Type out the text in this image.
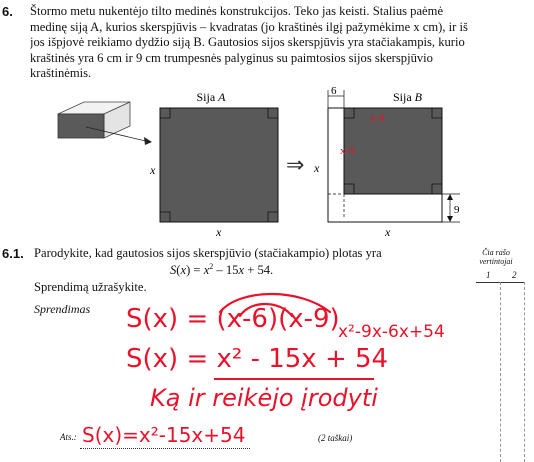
6. Štormo metu nukentėjo tilto medinės konstrukcijos. Teko jas keisti. Stalius paėmė
medinę siją A, kurios skerspjūvis – kvadratas (jo kraštinės ilgį pažymėkime x cm), ir iš
jos išpjovė reikiamo dydžio siją B. Gautosios sijos skerspjūvis yra stačiakampis, kurio
kraštinės yra 6 cm ir 9 cm trumpesnės palyginus su paimtosios sijos skerspjūvio
kraštinėmis.
Sija A
x
x
⇒
Sija B
6
9
x
x
x-6
x-9
6.1. Parodykite, kad gautosios sijos skerspjūvio (stačiakampio) plotas yra
$S(x) = x^2 - 15x + 54$.
Sprendimą užrašykite.
Sprendimas
Čia rašo vertintojai
1 2
S(x) = (x-6)(x-9)
x²-9x-6x+54
S(x) = x² - 15x + 54
Ką ir reikėjo įrodyti
Ats.: S(x)=x²-15x+54	(2 taškai)
